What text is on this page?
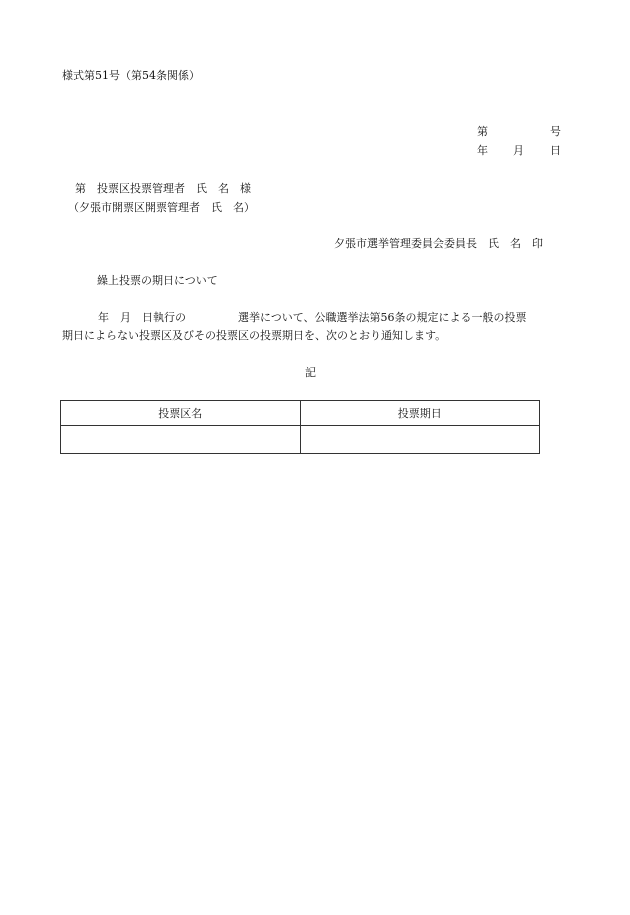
様式第51号（第54条関係）
第	号
年 月 日
第　投票区投票管理者　氏　名　様
（夕張市開票区開票管理者　氏　名）
夕張市選挙管理委員会委員長　氏　名　印
繰上投票の期日について
年　月　日執行の	選挙について、公職選挙法第56条の規定による一般の投票
期日によらない投票区及びその投票区の投票期日を、次のとおり通知します。
記
投票区名	投票期日
